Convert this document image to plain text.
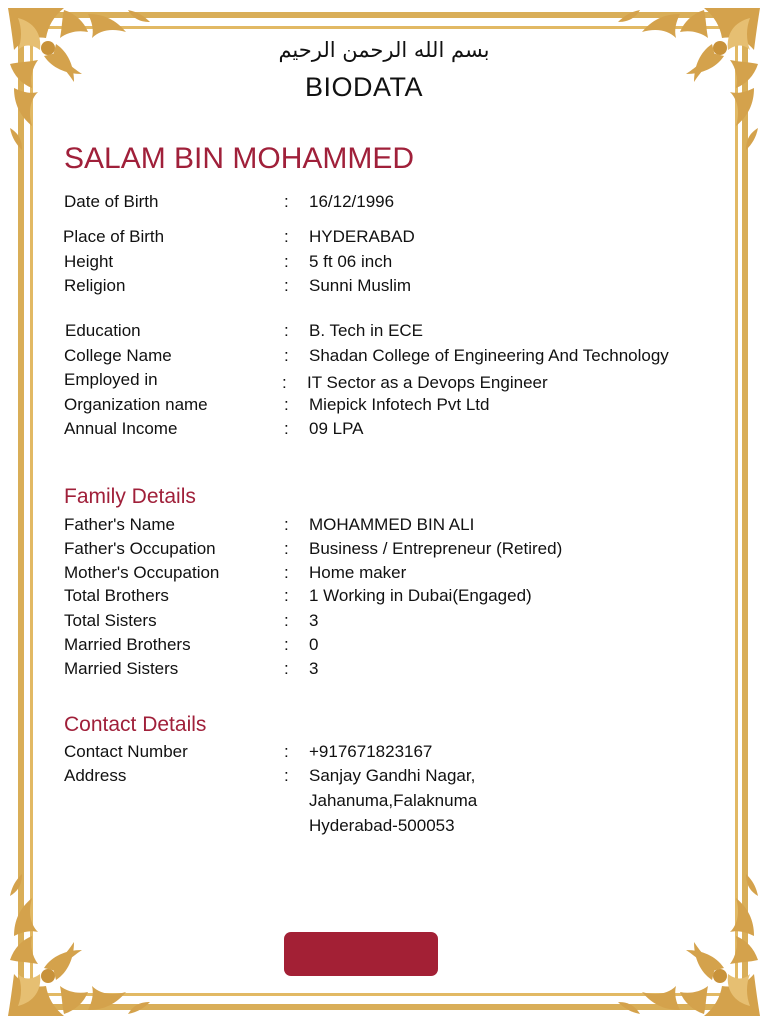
بسم الله الرحمن الرحيم
BIODATA
SALAM BIN MOHAMMED
Date of Birth	: 16/12/1996
Place of Birth	: HYDERABAD
Height	: 5 ft 06 inch
Religion	: Sunni Muslim
Education	: B. Tech in ECE
College Name	: Shadan College of Engineering And Technology
Employed in	: IT Sector as a Devops Engineer
Organization name	: Miepick Infotech Pvt Ltd
Annual Income	: 09 LPA
Family Details
Father's Name	: MOHAMMED BIN ALI
Father's Occupation	: Business / Entrepreneur (Retired)
Mother's Occupation	: Home maker
Total Brothers	: 1 Working in Dubai(Engaged)
Total Sisters	: 3
Married Brothers	: 0
Married Sisters	: 3
Contact Details
Contact Number	: +917671823167
Address	: Sanjay Gandhi Nagar,
Jahanuma,Falaknuma
Hyderabad-500053
